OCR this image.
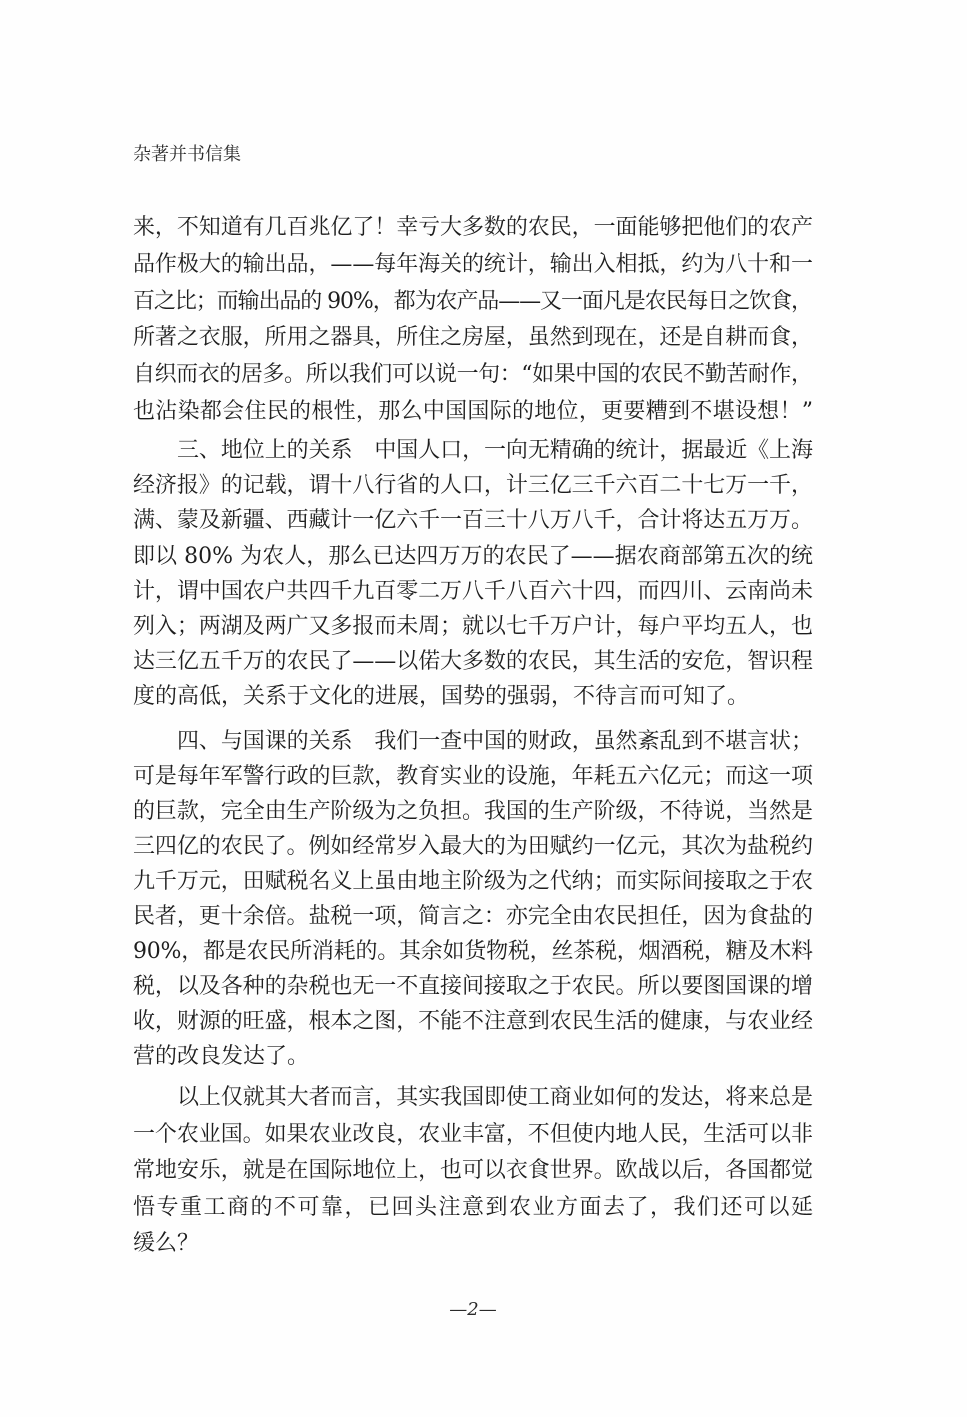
杂著并书信集
来，不知道有几百兆亿了！幸亏大多数的农民，一面能够把他们的农产
品作极大的输出品，——每年海关的统计，输出入相抵，约为八十和一
百之比；而输出品的 90%，都为农产品——又一面凡是农民每日之饮食，
所著之衣服，所用之器具，所住之房屋，虽然到现在，还是自耕而食，
自织而衣的居多。所以我们可以说一句：“如果中国的农民不勤苦耐作，
也沾染都会住民的根性，那么中国国际的地位，更要糟到不堪设想！”
三、地位上的关系　中国人口，一向无精确的统计，据最近《上海
经济报》的记载，谓十八行省的人口，计三亿三千六百二十七万一千，
满、蒙及新疆、西藏计一亿六千一百三十八万八千，合计将达五万万。
即以 80% 为农人，那么已达四万万的农民了——据农商部第五次的统
计，谓中国农户共四千九百零二万八千八百六十四，而四川、云南尚未
列入；两湖及两广又多报而未周；就以七千万户计，每户平均五人，也
达三亿五千万的农民了——以偌大多数的农民，其生活的安危，智识程
度的高低，关系于文化的进展，国势的强弱，不待言而可知了。
四、与国课的关系　我们一查中国的财政，虽然紊乱到不堪言状；
可是每年军警行政的巨款，教育实业的设施，年耗五六亿元；而这一项
的巨款，完全由生产阶级为之负担。我国的生产阶级，不待说，当然是
三四亿的农民了。例如经常岁入最大的为田赋约一亿元，其次为盐税约
九千万元，田赋税名义上虽由地主阶级为之代纳；而实际间接取之于农
民者，更十余倍。盐税一项，简言之：亦完全由农民担任，因为食盐的
90%，都是农民所消耗的。其余如货物税，丝茶税，烟酒税，糖及木料
税，以及各种的杂税也无一不直接间接取之于农民。所以要图国课的增
收，财源的旺盛，根本之图，不能不注意到农民生活的健康，与农业经
营的改良发达了。
以上仅就其大者而言，其实我国即使工商业如何的发达，将来总是
一个农业国。如果农业改良，农业丰富，不但使内地人民，生活可以非
常地安乐，就是在国际地位上，也可以衣食世界。欧战以后，各国都觉
悟专重工商的不可靠，已回头注意到农业方面去了，我们还可以延
缓么？
—2—
